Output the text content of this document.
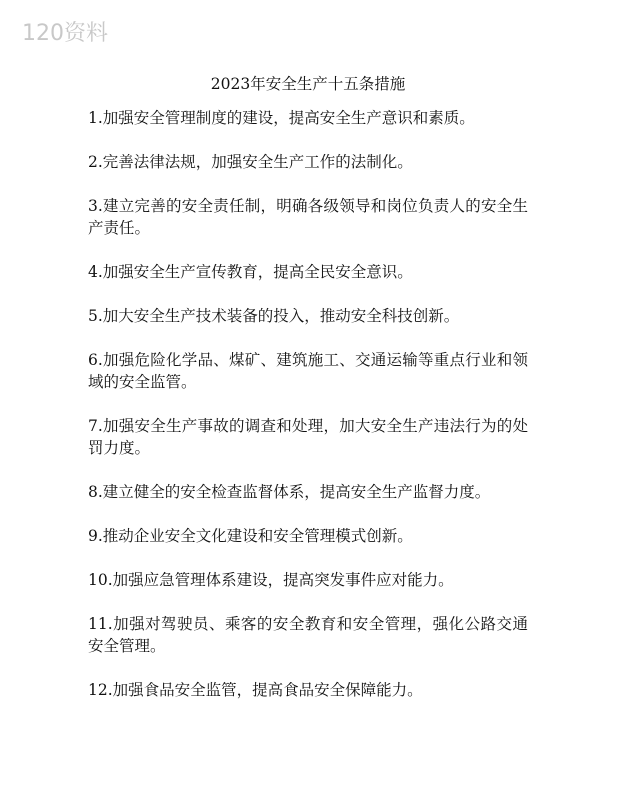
120资料
2023年安全生产十五条措施

1.加强安全管理制度的建设，提高安全生产意识和素质。

2.完善法律法规，加强安全生产工作的法制化。

3.建立完善的安全责任制，明确各级领导和岗位负责人的安全生产责任。

4.加强安全生产宣传教育，提高全民安全意识。

5.加大安全生产技术装备的投入，推动安全科技创新。

6.加强危险化学品、煤矿、建筑施工、交通运输等重点行业和领域的安全监管。

7.加强安全生产事故的调查和处理，加大安全生产违法行为的处罚力度。

8.建立健全的安全检查监督体系，提高安全生产监督力度。

9.推动企业安全文化建设和安全管理模式创新。

10.加强应急管理体系建设，提高突发事件应对能力。

11.加强对驾驶员、乘客的安全教育和安全管理，强化公路交通安全管理。

12.加强食品安全监管，提高食品安全保障能力。
